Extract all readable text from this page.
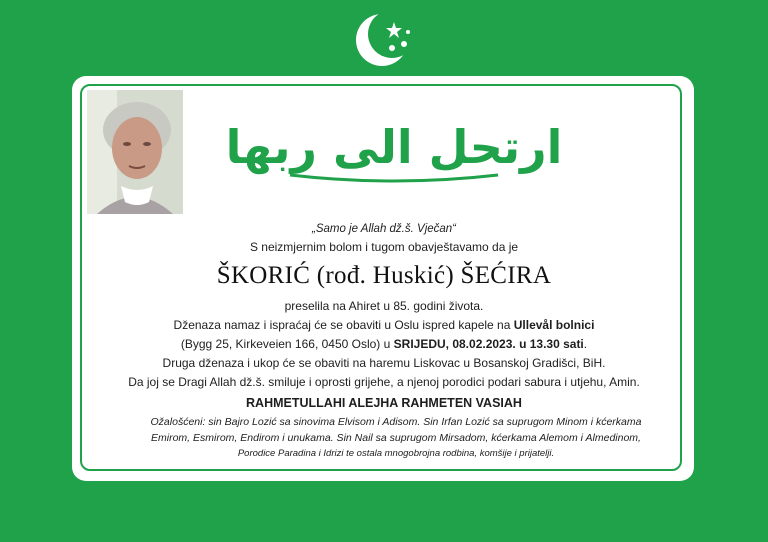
ارتحل الى ربها
„Samo je Allah dž.š. Vječan“
S neizmjernim bolom i tugom obavještavamo da je
ŠKORIĆ (rođ. Huskić) ŠEĆIRA
preselila na Ahiret u 85. godini života.
Dženaza namaz i ispraćaj će se obaviti u Oslu ispred kapele na Ullevål bolnici
(Bygg 25, Kirkeveien 166, 0450 Oslo) u SRIJEDU, 08.02.2023. u 13.30 sati.
Druga dženaza i ukop će se obaviti na haremu Liskovac u Bosanskoj Gradišci, BiH.
Da joj se Dragi Allah dž.š. smiluje i oprosti grijehe, a njenoj porodici podari sabura i utjehu, Amin.
RAHMETULLAHI ALEJHA RAHMETEN VASIAH
Ožalošćeni: sin Bajro Lozić sa sinovima Elvisom i Adisom. Sin Irfan Lozić sa suprugom Minom i kćerkama
Emirom, Esmirom, Endirom i unukama. Sin Nail sa suprugom Mirsadom, kćerkama Alemom i Almedinom,
Porodice Paradina i Idrizi te ostala mnogobrojna rodbina, komšije i prijatelji.
